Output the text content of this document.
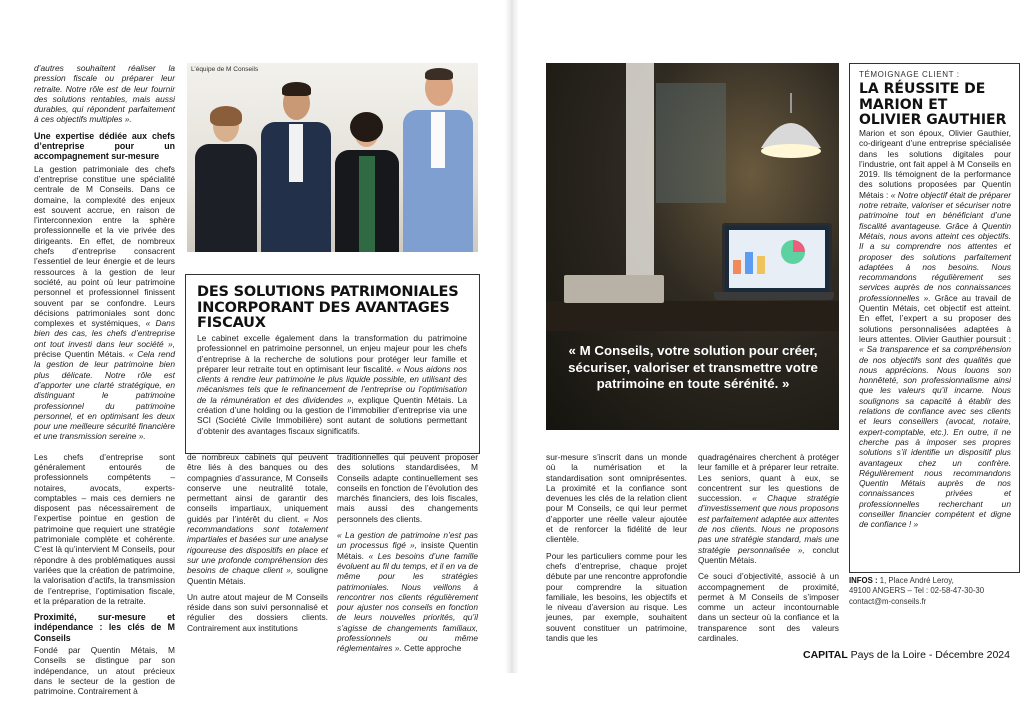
d’autres souhaitent réaliser la pression fiscale ou préparer leur retraite. Notre rôle est de leur fournir des solutions rentables, mais aussi durables, qui répondent parfaitement à ces objectifs multiples ».

Une expertise dédiée aux chefs d’entreprise pour un accompagnement sur-mesure

La gestion patrimoniale des chefs d’entreprise constitue une spécialité centrale de M Conseils. Dans ce domaine, la complexité des enjeux est souvent accrue, en raison de l’interconnexion entre la sphère professionnelle et la vie privée des dirigeants. En effet, de nombreux chefs d’entreprise consacrent l’essentiel de leur énergie et de leurs ressources à la gestion de leur société, au point où leur patrimoine personnel et professionnel finissent souvent par se confondre. Leurs décisions patrimoniales sont donc complexes et systémiques, « Dans bien des cas, les chefs d’entreprise ont tout investi dans leur société », précise Quentin Métais. « Cela rend la gestion de leur patrimoine bien plus délicate. Notre rôle est d’apporter une clarté stratégique, en distinguant le patrimoine professionnel du patrimoine personnel, et en optimisant les deux pour une meilleure sécurité financière et une transmission sereine ».

Les chefs d’entreprise sont généralement entourés de professionnels compétents – notaires, avocats, experts-comptables – mais ces derniers ne disposent pas nécessairement de l’expertise pointue en gestion de patrimoine que requiert une stratégie patrimoniale complète et cohérente. C’est là qu’intervient M Conseils, pour répondre à des problématiques aussi variées que la création de patrimoine, la valorisation d’actifs, la transmission de l’entreprise, l’optimisation fiscale, et la préparation de la retraite.

Proximité, sur-mesure et indépendance : les clés de M Conseils

Fondé par Quentin Métais, M Conseils se distingue par son indépendance, un atout précieux dans le secteur de la gestion de patrimoine. Contrairement à

L’équipe de M Conseils
DES SOLUTIONS PATRIMONIALES INCORPORANT DES AVANTAGES FISCAUX
Le cabinet excelle également dans la transformation du patrimoine professionnel en patrimoine personnel, un enjeu majeur pour les chefs d’entreprise à la recherche de solutions pour protéger leur famille et préparer leur retraite tout en optimisant leur fiscalité. « Nous aidons nos clients à rendre leur patrimoine le plus liquide possible, en utilisant des mécanismes tels que le refinancement de l’entreprise ou l’optimisation de la rémunération et des dividendes », explique Quentin Métais. La création d’une holding ou la gestion de l’immobilier d’entreprise via une SCI (Société Civile Immobilière) sont autant de solutions permettant d’obtenir des avantages fiscaux significatifs.

de nombreux cabinets qui peuvent être liés à des banques ou des compagnies d’assurance, M Conseils conserve une neutralité totale, permettant ainsi de garantir des conseils impartiaux, uniquement guidés par l’intérêt du client. « Nos recommandations sont totalement impartiales et basées sur une analyse rigoureuse des dispositifs en place et sur une profonde compréhension des besoins de chaque client », souligne Quentin Métais.

Un autre atout majeur de M Conseils réside dans son suivi personnalisé et régulier des dossiers clients. Contrairement aux institutions

traditionnelles qui peuvent proposer des solutions standardisées, M Conseils adapte continuellement ses conseils en fonction de l’évolution des marchés financiers, des lois fiscales, mais aussi des changements personnels des clients.

« La gestion de patrimoine n’est pas un processus figé », insiste Quentin Métais. « Les besoins d’une famille évoluent au fil du temps, et il en va de même pour les stratégies patrimoniales. Nous veillons à rencontrer nos clients régulièrement pour ajuster nos conseils en fonction de leurs nouvelles priorités, qu’il s’agisse de changements familiaux, professionnels ou même réglementaires ». Cette approche

« M Conseils, votre solution pour créer, sécuriser, valoriser et transmettre votre patrimoine en toute sérénité. »

sur-mesure s’inscrit dans un monde où la numérisation et la standardisation sont omniprésentes. La proximité et la confiance sont devenues les clés de la relation client pour M Conseils, ce qui leur permet d’apporter une réelle valeur ajoutée et de renforcer la fidélité de leur clientèle.

Pour les particuliers comme pour les chefs d’entreprise, chaque projet débute par une rencontre approfondie pour comprendre la situation familiale, les besoins, les objectifs et le niveau d’aversion au risque. Les jeunes, par exemple, souhaitent souvent constituer un patrimoine, tandis que les

quadragénaires cherchent à protéger leur famille et à préparer leur retraite. Les seniors, quant à eux, se concentrent sur les questions de succession. « Chaque stratégie d’investissement que nous proposons est parfaitement adaptée aux attentes de nos clients. Nous ne proposons pas une stratégie standard, mais une stratégie personnalisée », conclut Quentin Métais.

Ce souci d’objectivité, associé à un accompagnement de proximité, permet à M Conseils de s’imposer comme un acteur incontournable dans un secteur où la confiance et la transparence sont des valeurs cardinales.

TÉMOIGNAGE CLIENT :
LA RÉUSSITE DE MARION ET OLIVIER GAUTHIER
Marion et son époux, Olivier Gauthier, co-dirigeant d’une entreprise spécialisée dans les solutions digitales pour l’industrie, ont fait appel à M Conseils en 2019. Ils témoignent de la performance des solutions proposées par Quentin Métais : « Notre objectif était de préparer notre retraite, valoriser et sécuriser notre patrimoine tout en bénéficiant d’une fiscalité avantageuse. Grâce à Quentin Métais, nous avons atteint ces objectifs. Il a su comprendre nos attentes et proposer des solutions parfaitement adaptées à nos besoins. Nous recommandons régulièrement ses services auprès de nos connaissances professionnelles ». Grâce au travail de Quentin Métais, cet objectif est atteint. En effet, l’expert a su proposer des solutions personnalisées adaptées à leurs attentes. Olivier Gauthier poursuit : « Sa transparence et sa compréhension de nos objectifs sont des qualités que nous apprécions. Nous louons son honnêteté, son professionnalisme ainsi que les valeurs qu’il incarne. Nous soulignons sa capacité à établir des relations de confiance avec ses clients et leurs conseillers (avocat, notaire, expert-comptable, etc.). En outre, il ne cherche pas à imposer ses propres solutions s’il identifie un dispositif plus avantageux chez un confrère. Régulièrement nous recommandons Quentin Métais auprès de nos connaissances privées et professionnelles recherchant un conseiller financier compétent et digne de confiance ! »
INFOS : 1, Place André Leroy,
49100 ANGERS – Tel : 02-58-47-30-30
contact@m-conseils.fr
CAPITAL Pays de la Loire - Décembre 2024
